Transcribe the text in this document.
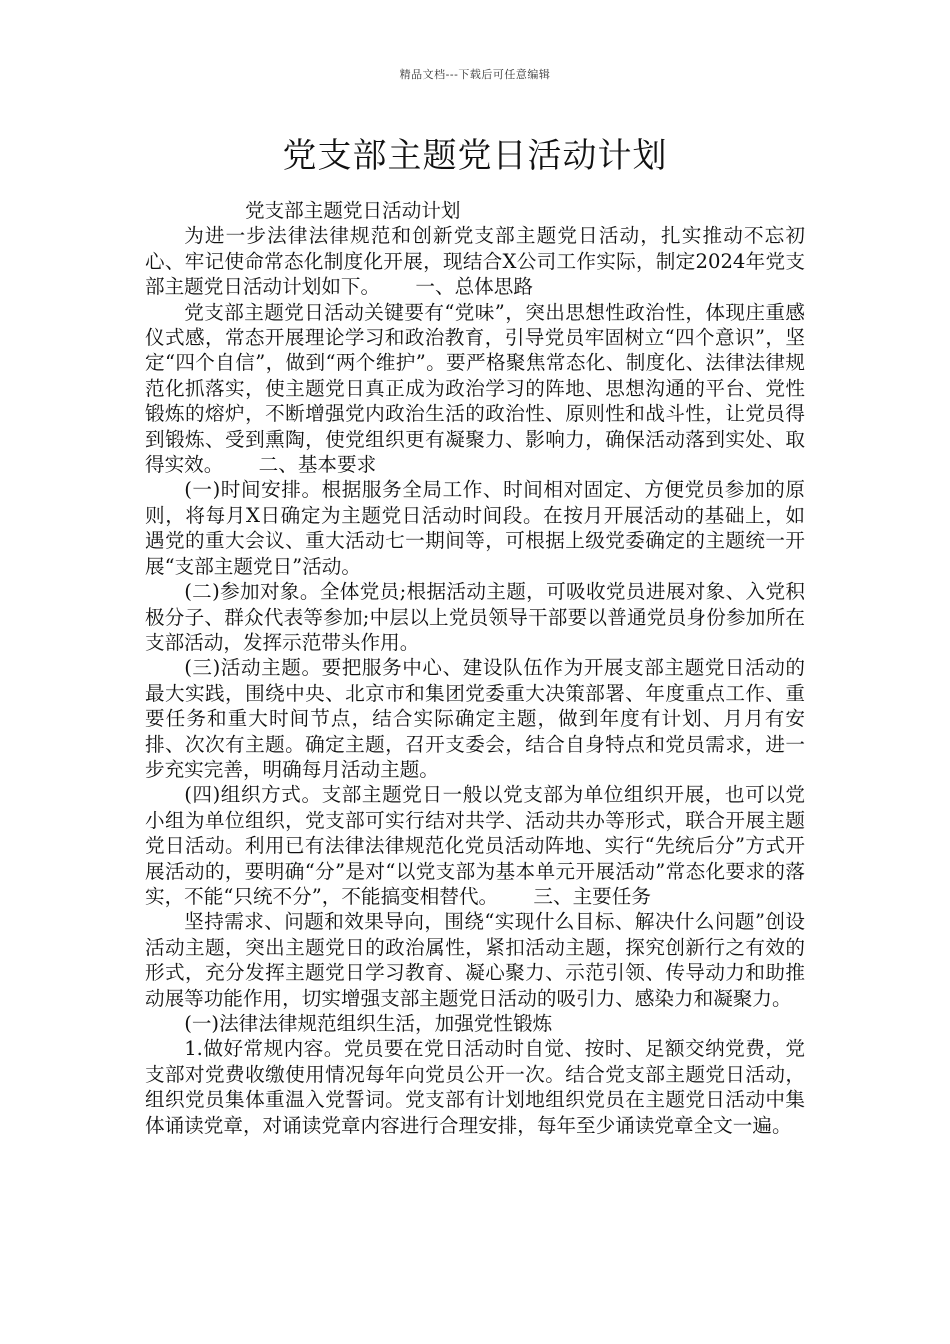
精品文档---下载后可任意编辑
党支部主题党日活动计划

党支部主题党日活动计划

为进一步法律法律规范和创新党支部主题党日活动，扎实推动不忘初心、牢记使命常态化制度化开展，现结合X公司工作实际，制定2024年党支部主题党日活动计划如下。 一、总体思路

党支部主题党日活动关键要有“党味”，突出思想性政治性，体现庄重感仪式感，常态开展理论学习和政治教育，引导党员牢固树立“四个意识”，坚定“四个自信”，做到“两个维护”。要严格聚焦常态化、制度化、法律法律规范化抓落实，使主题党日真正成为政治学习的阵地、思想沟通的平台、党性锻炼的熔炉，不断增强党内政治生活的政治性、原则性和战斗性，让党员得到锻炼、受到熏陶，使党组织更有凝聚力、影响力，确保活动落到实处、取得实效。 二、基本要求

(一)时间安排。根据服务全局工作、时间相对固定、方便党员参加的原则，将每月X日确定为主题党日活动时间段。在按月开展活动的基础上，如遇党的重大会议、重大活动七一期间等，可根据上级党委确定的主题统一开展“支部主题党日”活动。

(二)参加对象。全体党员;根据活动主题，可吸收党员进展对象、入党积极分子、群众代表等参加;中层以上党员领导干部要以普通党员身份参加所在支部活动，发挥示范带头作用。

(三)活动主题。要把服务中心、建设队伍作为开展支部主题党日活动的最大实践，围绕中央、北京市和集团党委重大决策部署、年度重点工作、重要任务和重大时间节点，结合实际确定主题，做到年度有计划、月月有安排、次次有主题。确定主题，召开支委会，结合自身特点和党员需求，进一步充实完善，明确每月活动主题。

(四)组织方式。支部主题党日一般以党支部为单位组织开展，也可以党小组为单位组织，党支部可实行结对共学、活动共办等形式，联合开展主题党日活动。利用已有法律法律规范化党员活动阵地、实行“先统后分”方式开展活动的，要明确“分”是对“以党支部为基本单元开展活动”常态化要求的落实，不能“只统不分”，不能搞变相替代。 三、主要任务

坚持需求、问题和效果导向，围绕“实现什么目标、解决什么问题”创设活动主题，突出主题党日的政治属性，紧扣活动主题，探究创新行之有效的形式，充分发挥主题党日学习教育、凝心聚力、示范引领、传导动力和助推动展等功能作用，切实增强支部主题党日活动的吸引力、感染力和凝聚力。

(一)法律法律规范组织生活，加强党性锻炼

1.做好常规内容。党员要在党日活动时自觉、按时、足额交纳党费，党支部对党费收缴使用情况每年向党员公开一次。结合党支部主题党日活动，组织党员集体重温入党誓词。党支部有计划地组织党员在主题党日活动中集体诵读党章，对诵读党章内容进行合理安排，每年至少诵读党章全文一遍。
